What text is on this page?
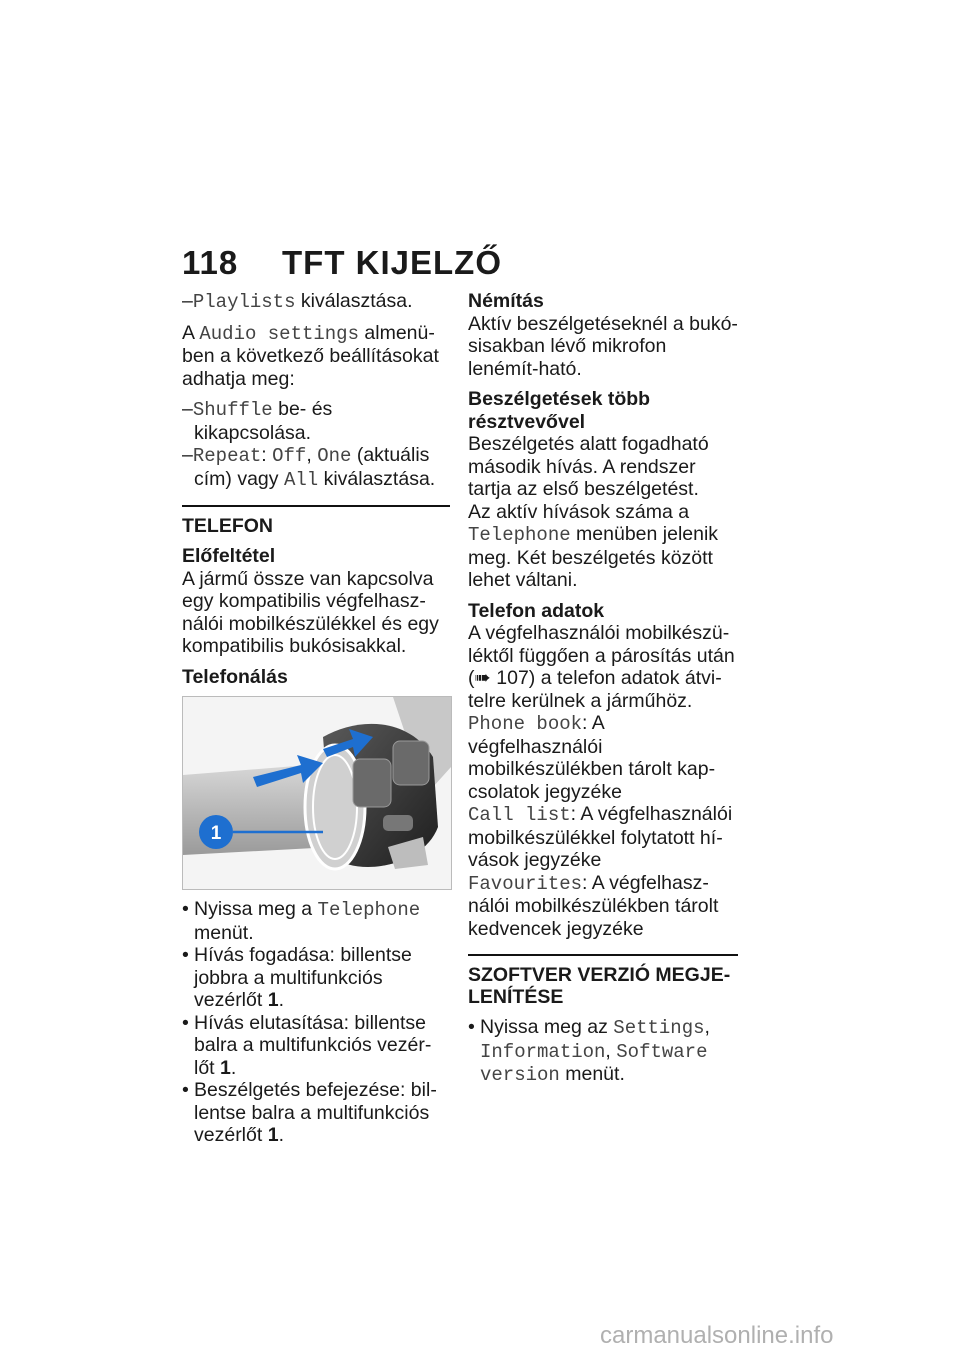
118 TFT KIJELZŐ

–Playlists kiválasztása.

A Audio settings almenü-ben a következő beállításokat adhatja meg:

–Shuffle be- és kikapcsolása.

–Repeat: Off, One (aktuális cím) vagy All kiválasztása.

TELEFON
Előfeltétel

A jármű össze van kapcsolva egy kompatibilis végfelhasz-nálói mobilkészülékkel és egy kompatibilis bukósisakkal.

Telefonálás
1

• Nyissa meg a Telephone menüt.

• Hívás fogadása: billentse jobbra a multifunkciós vezérlőt 1.

• Hívás elutasítása: billentse balra a multifunkciós vezér-lőt 1.

• Beszélgetés befejezése: bil-lentse balra a multifunkciós vezérlőt 1.

Némítás

Aktív beszélgetéseknél a bukó-sisakban lévő mikrofon lenémít-ható.

Beszélgetések több résztvevővel

Beszélgetés alatt fogadható második hívás. A rendszer tartja az első beszélgetést.

Az aktív hívások száma a Telephone menüben jelenik meg. Két beszélgetés között lehet váltani.

Telefon adatok

A végfelhasználói mobilkészü-léktől függően a párosítás után (➠ 107) a telefon adatok átvi-telre kerülnek a járműhöz.

Phone book: A végfelhasználói mobilkészülékben tárolt kap-csolatok jegyzéke

Call list: A végfelhasználói mobilkészülékkel folytatott hí-vások jegyzéke

Favourites: A végfelhasz-nálói mobilkészülékben tárolt kedvencek jegyzéke

SZOFTVER VERZIÓ MEGJE-LENÍTÉSE

• Nyissa meg az Settings, Information, Software version menüt.

carmanualsonline.info
